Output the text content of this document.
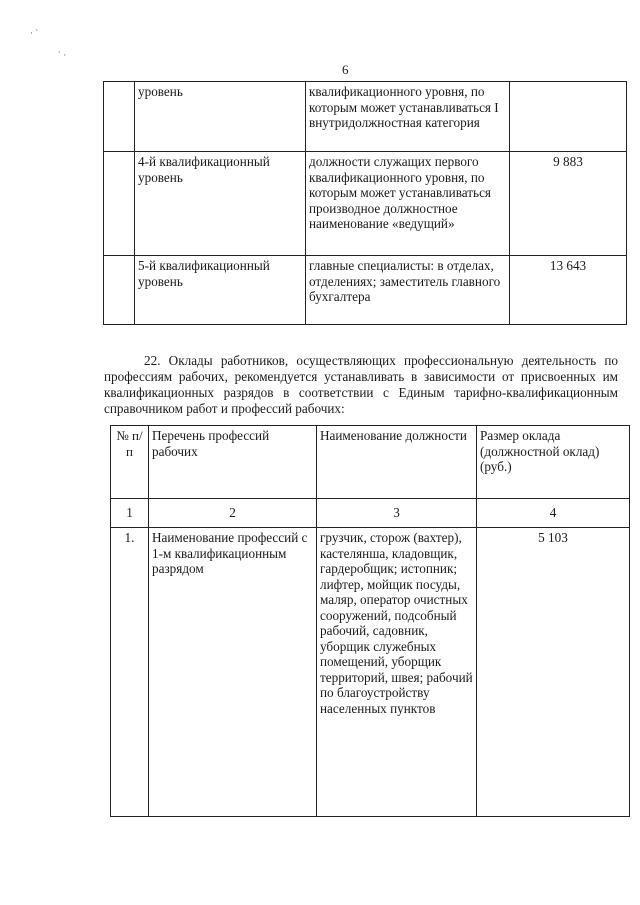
· `
` ·
6
	уровень	квалификационного уровня, по которым может устанавливаться I внутридолжностная категория	
	4-й квалификационный уровень	должности служащих первого квалификационного уровня, по которым может устанавливаться производное должностное наименование «ведущий»	9 883
	5-й квалификационный уровень	главные специалисты: в отделах, отделениях; заместитель главного бухгалтера	13 643

22. Оклады работников, осуществляющих профессиональную деятельность по профессиям рабочих, рекомендуется устанавливать в зависимости от присвоенных им квалификационных разрядов в соответствии с Единым тарифно-квалификационным справочником работ и профессий рабочих:

№ п/п	Перечень профессий рабочих	Наименование должности	Размер оклада (должностной оклад) (руб.)
1	2	3	4
1.	Наименование профессий с 1-м квалификационным разрядом	грузчик, сторож (вахтер), кастелянша, кладовщик, гардеробщик; истопник; лифтер, мойщик посуды, маляр, оператор очистных сооружений, подсобный рабочий, садовник, уборщик служебных помещений, уборщик территорий, швея; рабочий по благоустройству населенных пунктов	5 103
